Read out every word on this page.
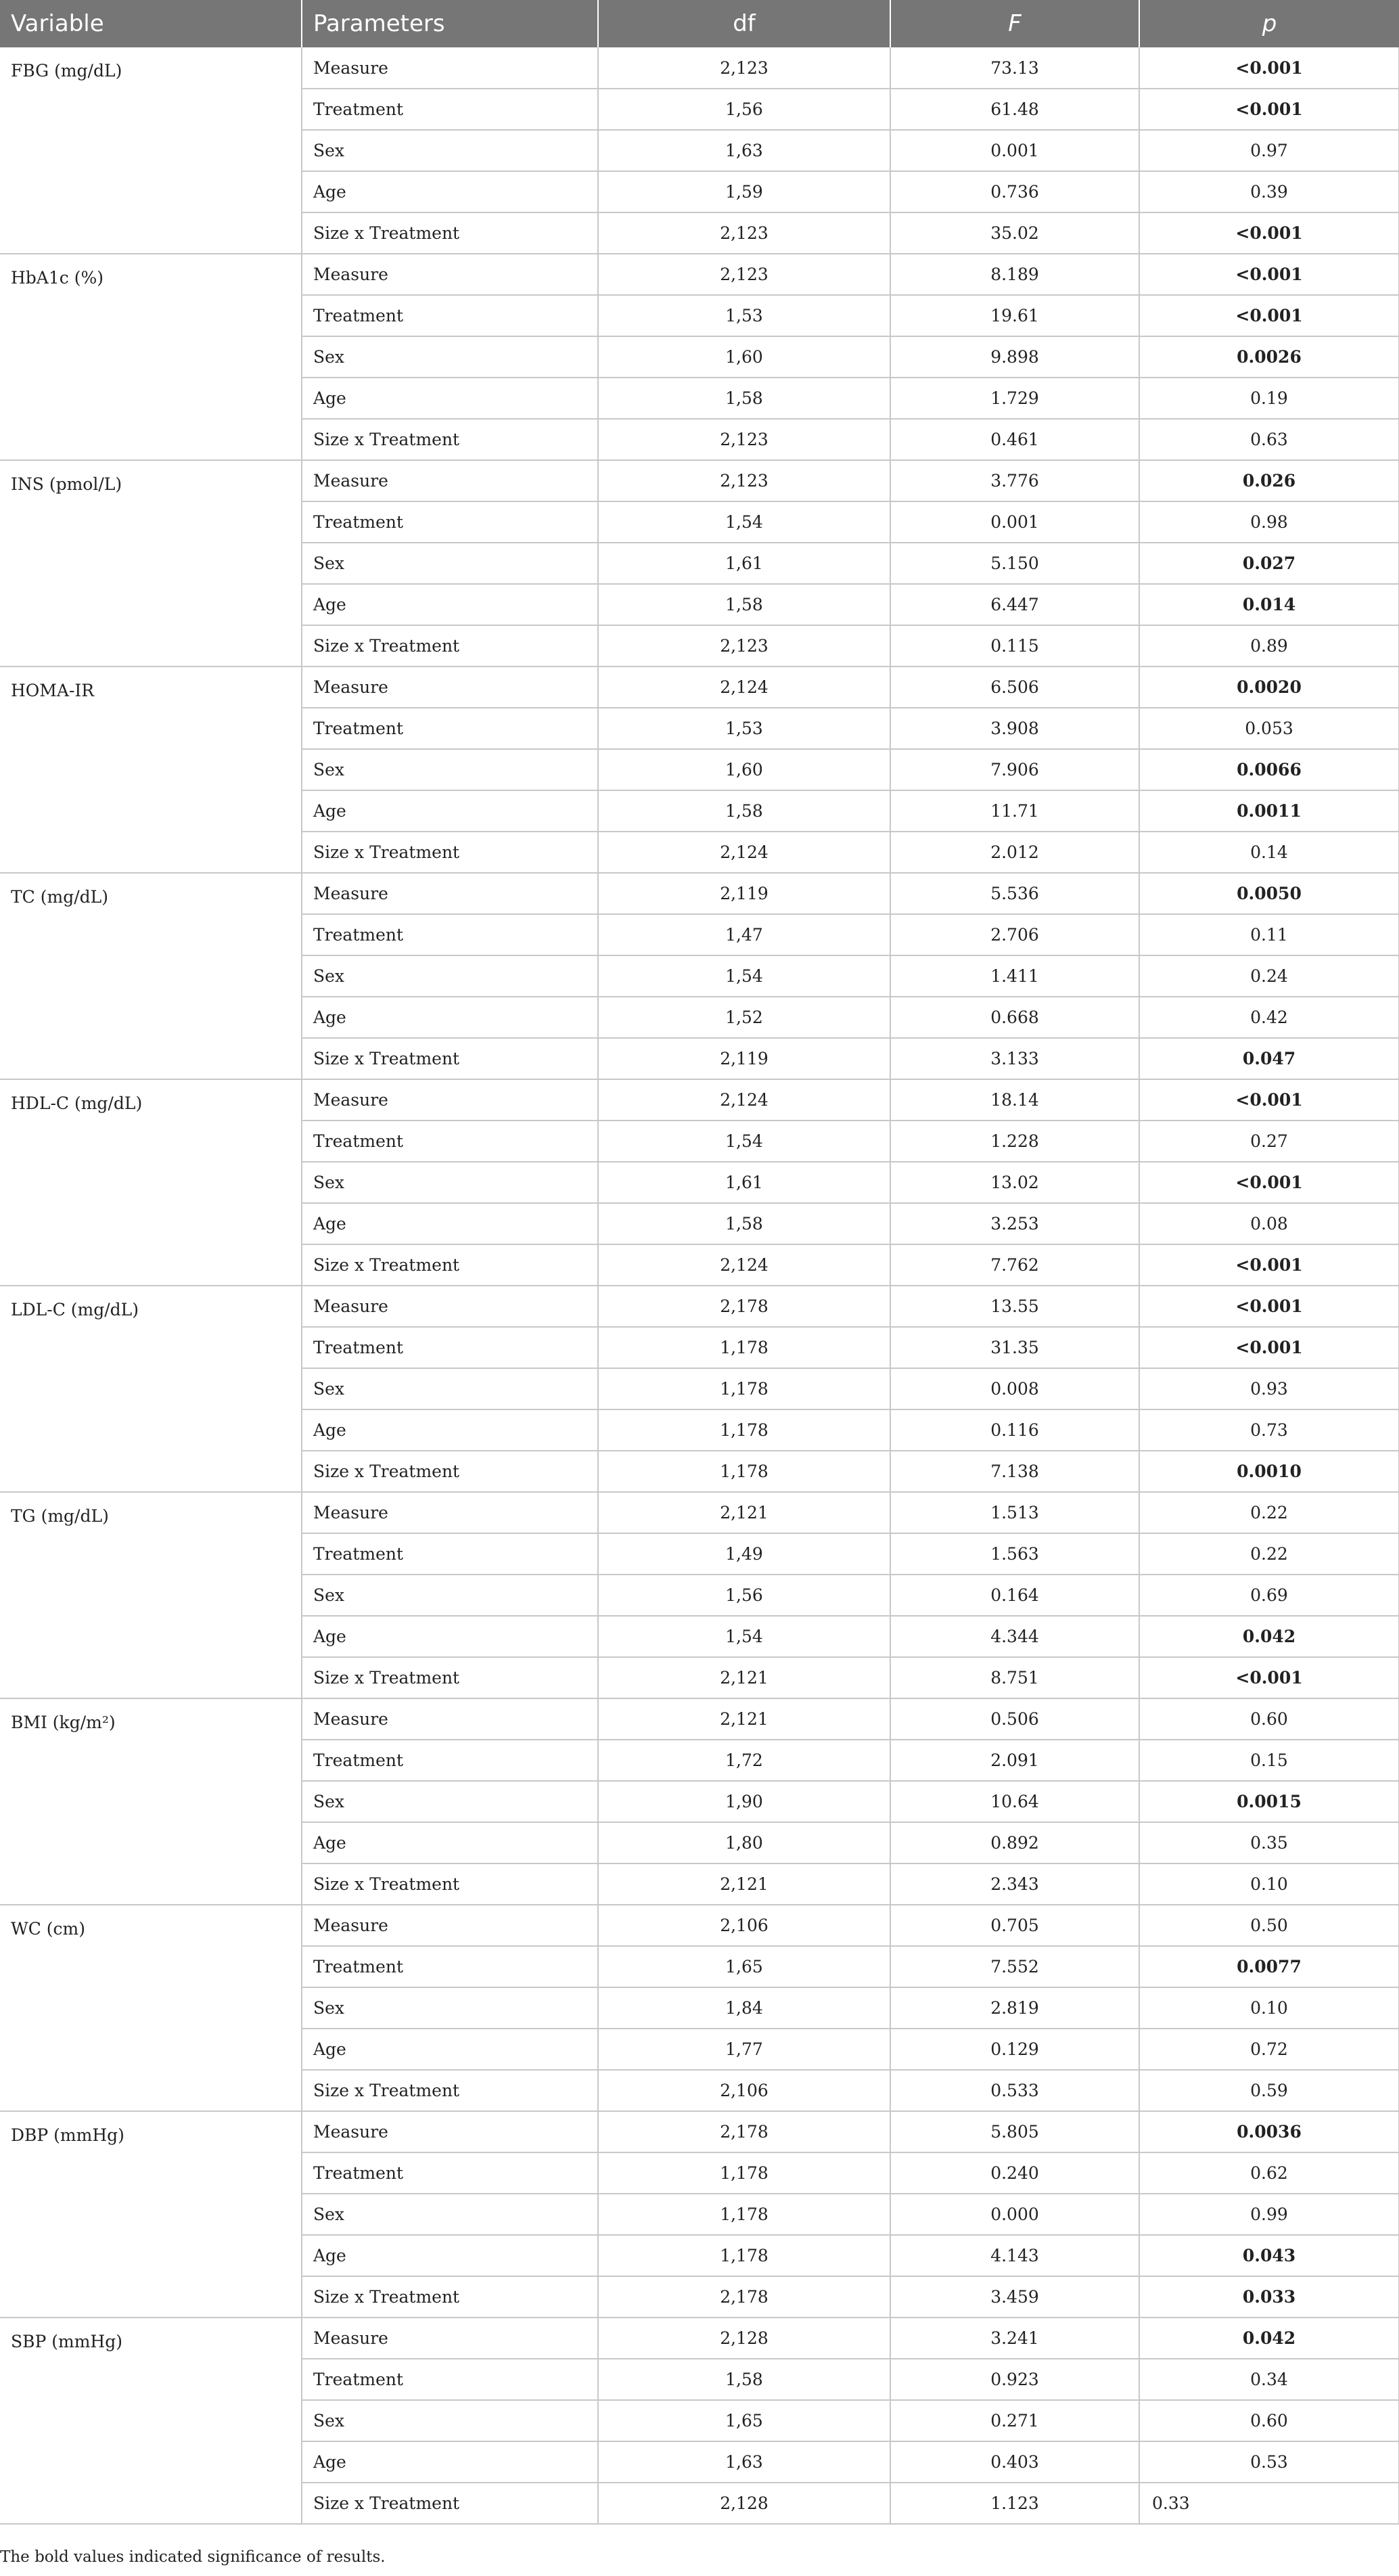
Variable	Parameters	df	F	p
FBG (mg/dL)	Measure	2,123	73.13	<0.001
	Treatment	1,56	61.48	<0.001
	Sex	1,63	0.001	0.97
	Age	1,59	0.736	0.39
	Size x Treatment	2,123	35.02	<0.001
HbA1c (%)	Measure	2,123	8.189	<0.001
	Treatment	1,53	19.61	<0.001
	Sex	1,60	9.898	0.0026
	Age	1,58	1.729	0.19
	Size x Treatment	2,123	0.461	0.63
INS (pmol/L)	Measure	2,123	3.776	0.026
	Treatment	1,54	0.001	0.98
	Sex	1,61	5.150	0.027
	Age	1,58	6.447	0.014
	Size x Treatment	2,123	0.115	0.89
HOMA-IR	Measure	2,124	6.506	0.0020
	Treatment	1,53	3.908	0.053
	Sex	1,60	7.906	0.0066
	Age	1,58	11.71	0.0011
	Size x Treatment	2,124	2.012	0.14
TC (mg/dL)	Measure	2,119	5.536	0.0050
	Treatment	1,47	2.706	0.11
	Sex	1,54	1.411	0.24
	Age	1,52	0.668	0.42
	Size x Treatment	2,119	3.133	0.047
HDL-C (mg/dL)	Measure	2,124	18.14	<0.001
	Treatment	1,54	1.228	0.27
	Sex	1,61	13.02	<0.001
	Age	1,58	3.253	0.08
	Size x Treatment	2,124	7.762	<0.001
LDL-C (mg/dL)	Measure	2,178	13.55	<0.001
	Treatment	1,178	31.35	<0.001
	Sex	1,178	0.008	0.93
	Age	1,178	0.116	0.73
	Size x Treatment	1,178	7.138	0.0010
TG (mg/dL)	Measure	2,121	1.513	0.22
	Treatment	1,49	1.563	0.22
	Sex	1,56	0.164	0.69
	Age	1,54	4.344	0.042
	Size x Treatment	2,121	8.751	<0.001
BMI (kg/m²)	Measure	2,121	0.506	0.60
	Treatment	1,72	2.091	0.15
	Sex	1,90	10.64	0.0015
	Age	1,80	0.892	0.35
	Size x Treatment	2,121	2.343	0.10
WC (cm)	Measure	2,106	0.705	0.50
	Treatment	1,65	7.552	0.0077
	Sex	1,84	2.819	0.10
	Age	1,77	0.129	0.72
	Size x Treatment	2,106	0.533	0.59
DBP (mmHg)	Measure	2,178	5.805	0.0036
	Treatment	1,178	0.240	0.62
	Sex	1,178	0.000	0.99
	Age	1,178	4.143	0.043
	Size x Treatment	2,178	3.459	0.033
SBP (mmHg)	Measure	2,128	3.241	0.042
	Treatment	1,58	0.923	0.34
	Sex	1,65	0.271	0.60
	Age	1,63	0.403	0.53
	Size x Treatment	2,128	1.123	0.33
The bold values indicated significance of results.
